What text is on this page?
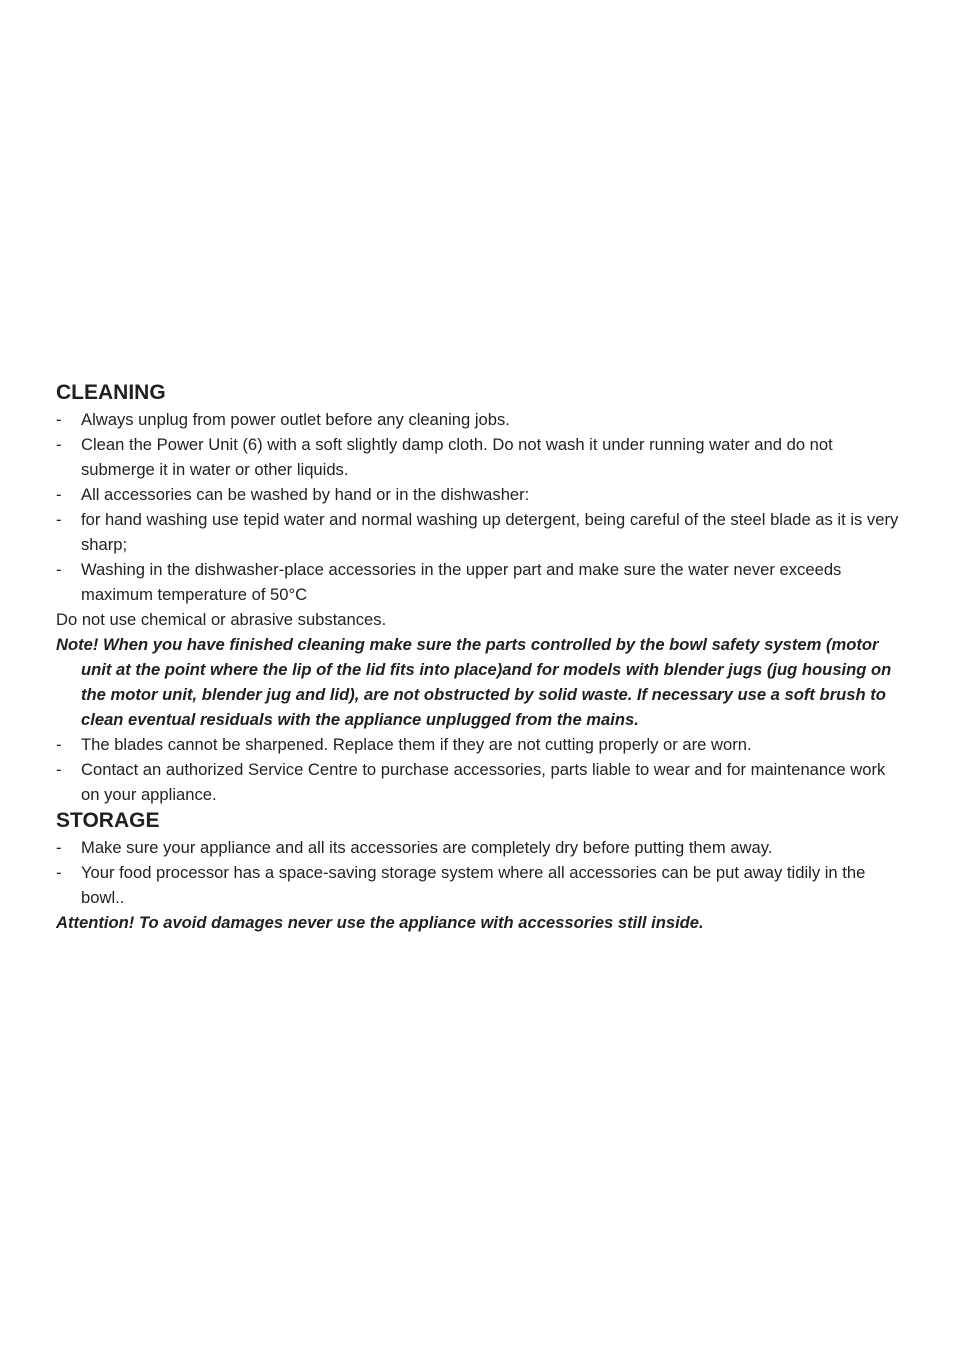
CLEANING
-	Always unplug from power outlet before any cleaning jobs.
-	Clean the Power Unit (6) with a soft slightly damp cloth. Do not wash it under running water and do not submerge it in water or other liquids.
-	All accessories can be washed by hand or in the dishwasher:
-	for hand washing use tepid water and normal washing up detergent, being careful of the steel blade as it is very sharp;
-	Washing in the dishwasher-place accessories in the upper part and make sure the water never exceeds maximum temperature of 50°C

Do not use chemical or abrasive substances.

Note! When you have finished cleaning make sure the parts controlled by the bowl safety system (motor unit at the point where the lip of the lid fits into place)and for models with blender jugs (jug housing on the motor unit, blender jug and lid), are not obstructed by solid waste. If necessary use a soft brush to clean eventual residuals with the appliance unplugged from the mains.

-	The blades cannot be sharpened. Replace them if they are not cutting properly or are worn.
-	Contact an authorized Service Centre to purchase accessories, parts liable to wear and for maintenance work on your appliance.
STORAGE
-	Make sure your appliance and all its accessories are completely dry before putting them away.
-	Your food processor has a space-saving storage system where all accessories can be put away tidily in the bowl..

Attention! To avoid damages never use the appliance with accessories still inside.
